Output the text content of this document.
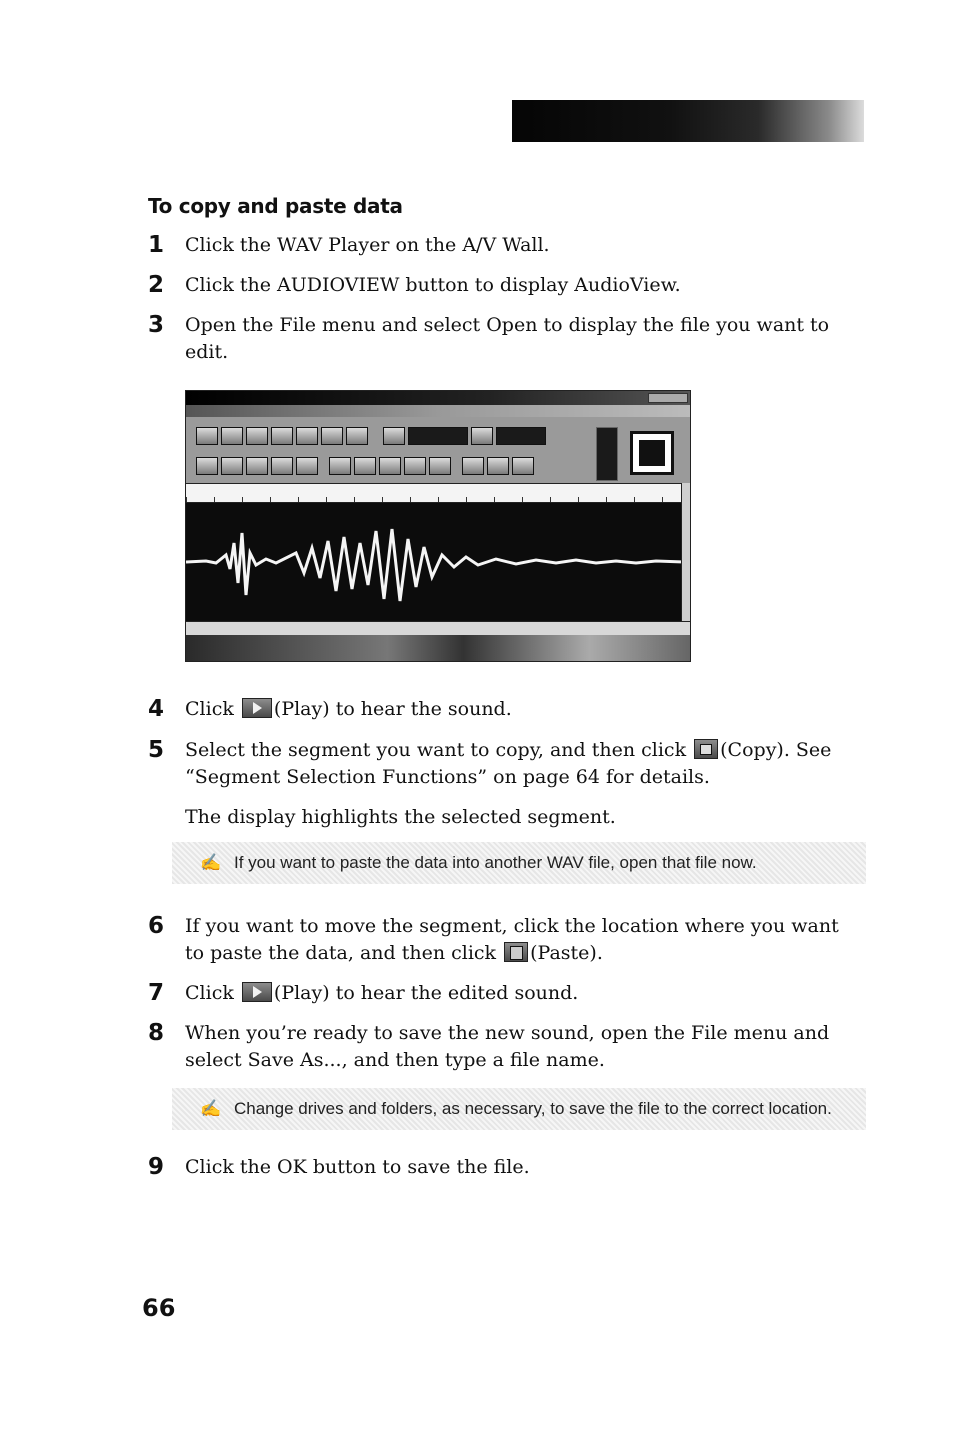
To copy and paste data
1 Click the WAV Player on the A/V Wall.
2 Click the AUDIOVIEW button to display AudioView.
3 Open the File menu and select Open to display the file you want to edit.
4 Click (Play) to hear the sound.
5 Select the segment you want to copy, and then click (Copy). See “Segment Selection Functions” on page 64 for details.
The display highlights the selected segment.
✍ If you want to paste the data into another WAV file, open that file now.
6 If you want to move the segment, click the location where you want to paste the data, and then click (Paste).
7 Click (Play) to hear the edited sound.
8 When you’re ready to save the new sound, open the File menu and select Save As..., and then type a file name.
✍ Change drives and folders, as necessary, to save the file to the correct location.
9 Click the OK button to save the file.
66
